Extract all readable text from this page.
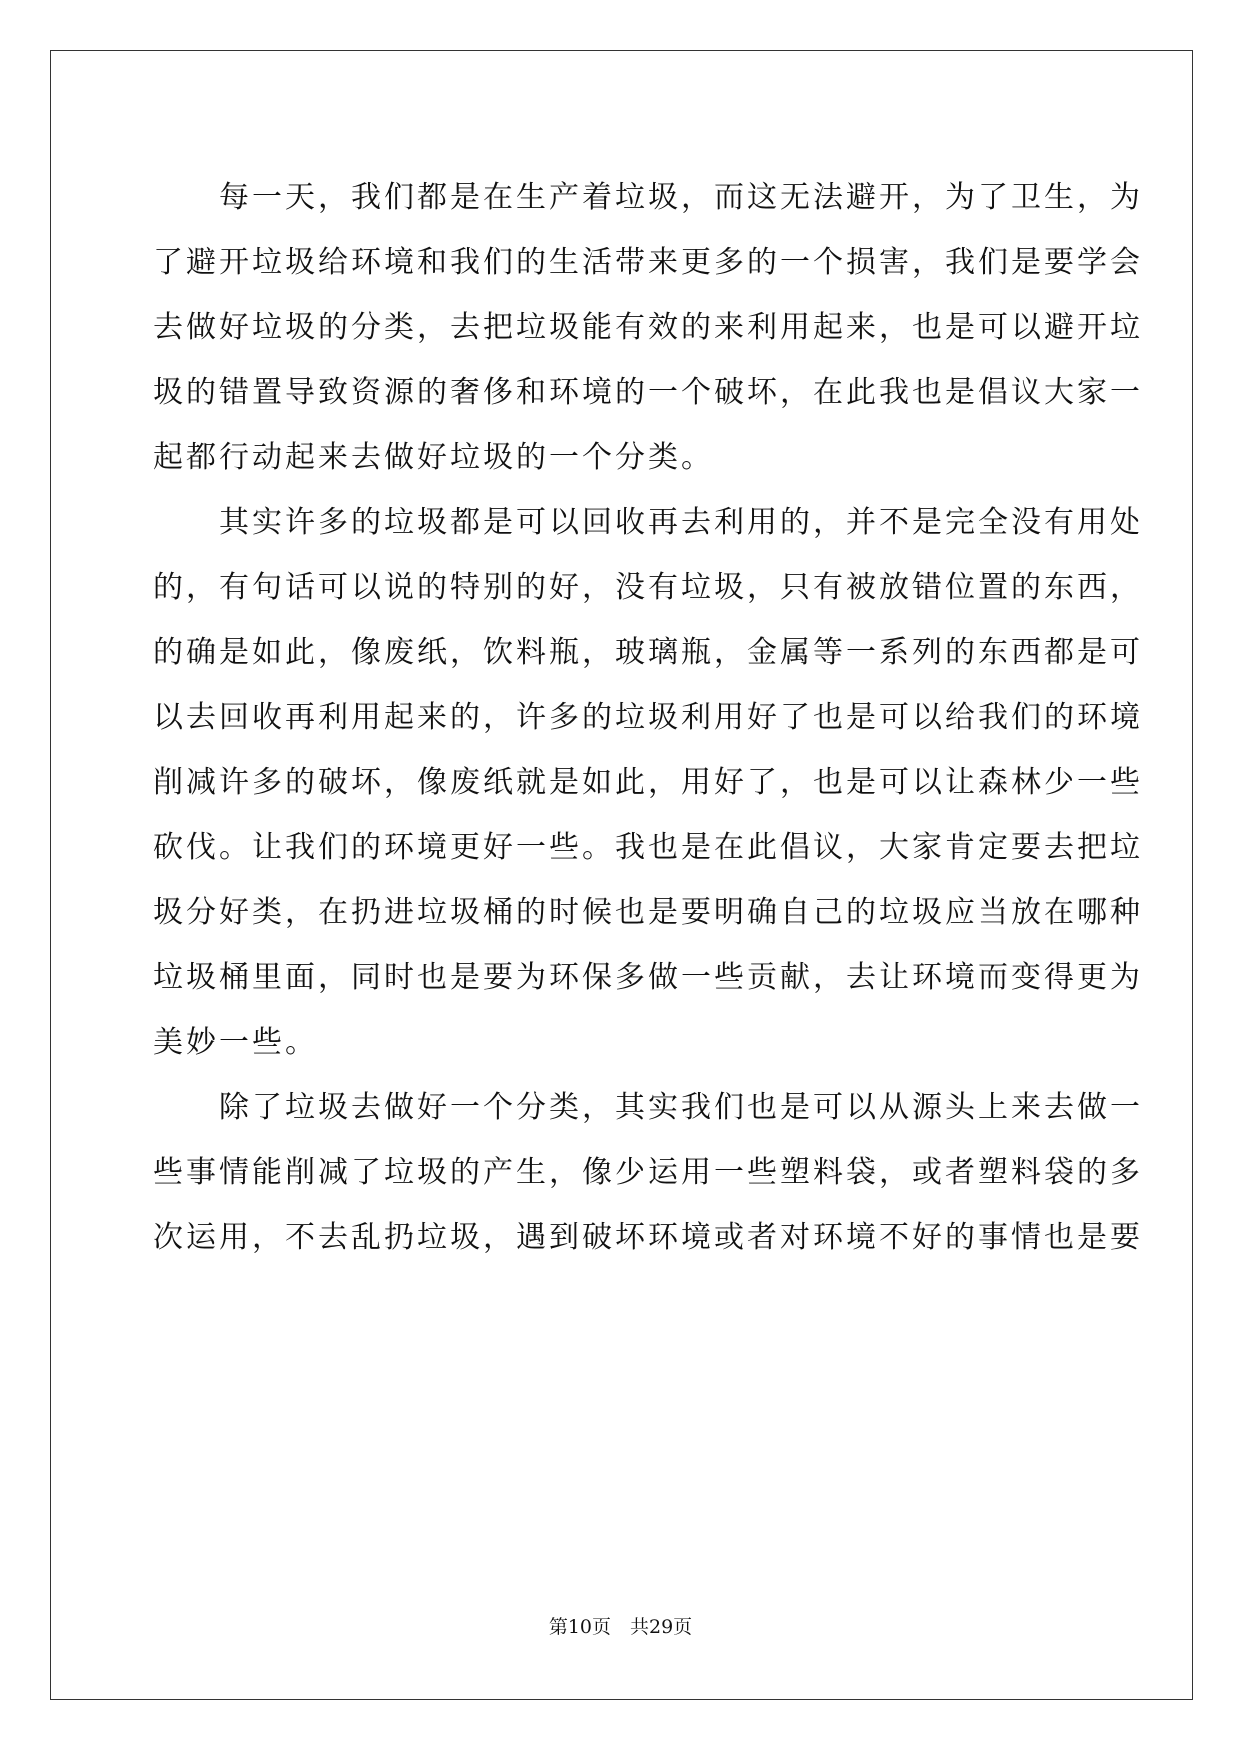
　　每一天，我们都是在生产着垃圾，而这无法避开，为了卫生，为
了避开垃圾给环境和我们的生活带来更多的一个损害，我们是要学会
去做好垃圾的分类，去把垃圾能有效的来利用起来，也是可以避开垃
圾的错置导致资源的奢侈和环境的一个破坏，在此我也是倡议大家一
起都行动起来去做好垃圾的一个分类。
　　其实许多的垃圾都是可以回收再去利用的，并不是完全没有用处
的，有句话可以说的特别的好，没有垃圾，只有被放错位置的东西，
的确是如此，像废纸，饮料瓶，玻璃瓶，金属等一系列的东西都是可
以去回收再利用起来的，许多的垃圾利用好了也是可以给我们的环境
削减许多的破坏，像废纸就是如此，用好了，也是可以让森林少一些
砍伐。让我们的环境更好一些。我也是在此倡议，大家肯定要去把垃
圾分好类，在扔进垃圾桶的时候也是要明确自己的垃圾应当放在哪种
垃圾桶里面，同时也是要为环保多做一些贡献，去让环境而变得更为
美妙一些。
　　除了垃圾去做好一个分类，其实我们也是可以从源头上来去做一
些事情能削减了垃圾的产生，像少运用一些塑料袋，或者塑料袋的多
次运用，不去乱扔垃圾，遇到破坏环境或者对环境不好的事情也是要
第10页　共29页
